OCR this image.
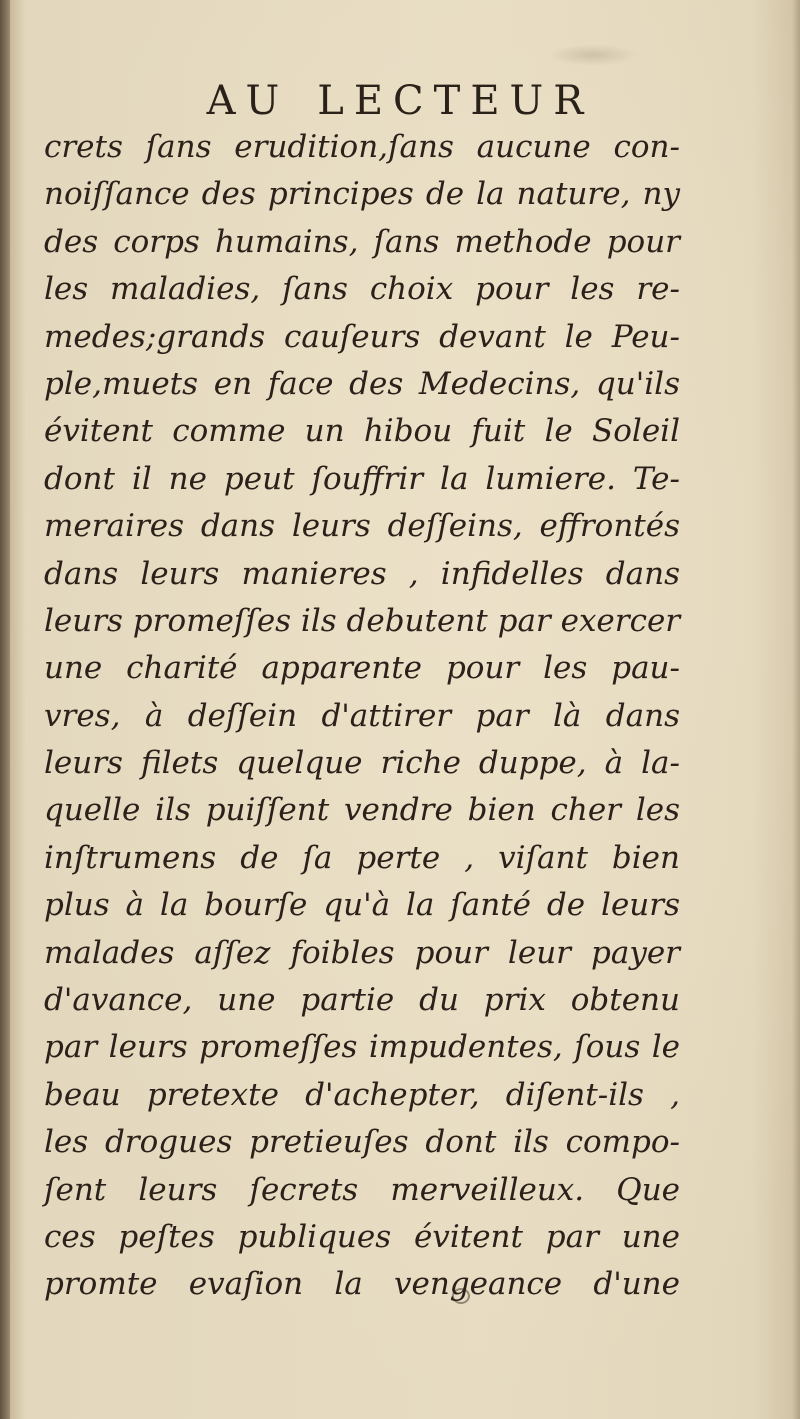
AU LECTEUR
crets ſans erudition,ſans aucune con-
noiſſance des principes de la nature, ny
des corps humains, ſans methode pour
les maladies, ſans choix pour les re-
medes;grands cauſeurs devant le Peu-
ple,muets en face des Medecins, qu'ils
évitent comme un hibou fuit le Soleil
dont il ne peut ſouffrir la lumiere. Te-
meraires dans leurs deſſeins, effrontés
dans leurs manieres , infidelles dans
leurs promeſſes ils debutent par exercer
une charité apparente pour les pau-
vres, à deſſein d'attirer par là dans
leurs filets quelque riche duppe, à la-
quelle ils puiſſent vendre bien cher les
inſtrumens de ſa perte , viſant bien
plus à la bourſe qu'à la ſanté de leurs
malades aſſez foibles pour leur payer
d'avance, une partie du prix obtenu
par leurs promeſſes impudentes, ſous le
beau pretexte d'achepter, diſent-ils ,
les drogues pretieuſes dont ils compo-
ſent leurs ſecrets merveilleux. Que
ces peſtes publiques évitent par une
promte evaſion la vengeance d'une
